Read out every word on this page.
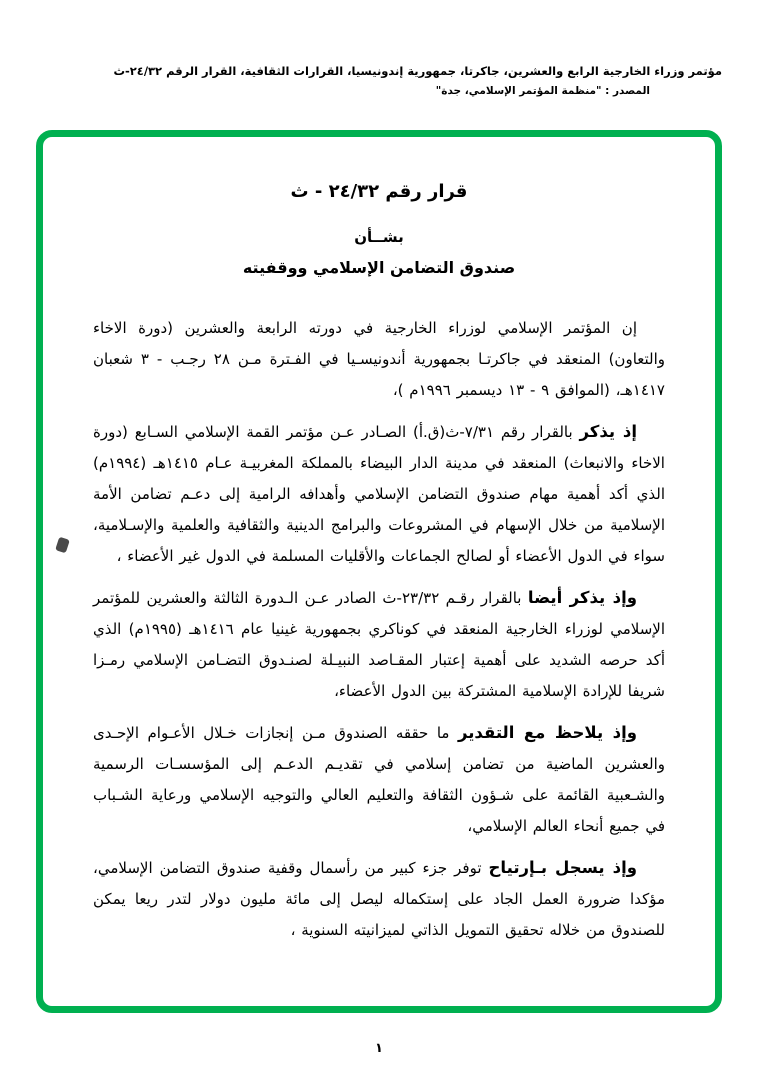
مؤتمر وزراء الخارجية الرابع والعشرين، جاكرتا، جمهورية إندونيسيا، القرارات الثقافية، القرار الرقم ٢٤/٣٢-ث
المصدر : "منظمة المؤتمر الإسلامي، جدة"
قرار رقم ٢٤/٣٢ - ث
بشــأن
صندوق التضامن الإسلامي ووقفيته

إن المؤتمر الإسلامي لوزراء الخارجية في دورته الرابعة والعشرين (دورة الاخاء والتعاون) المنعقد في جاكرتـا بجمهورية أندونيسـيا في الفـترة مـن ٢٨ رجـب - ٣ شعبان ١٤١٧هـ، (الموافق ٩ - ١٣ ديسمبر ١٩٩٦م )،

إذ يذكر بالقرار رقم ٧/٣١-ث(ق.أ) الصـادر عـن مؤتمر القمة الإسلامي السـابع (دورة الاخاء والانبعاث) المنعقد في مدينة الدار البيضاء بالمملكة المغربيـة عـام ١٤١٥هـ (١٩٩٤م) الذي أكد أهمية مهام صندوق التضامن الإسلامي وأهدافه الرامية إلى دعـم تضامن الأمة الإسلامية من خلال الإسهام في المشروعات والبرامج الدينية والثقافية والعلمية والإسـلامية، سواء في الدول الأعضاء أو لصالح الجماعات والأقليات المسلمة في الدول غير الأعضاء ،

وإذ يذكر أيضا بالقرار رقـم ٢٣/٣٢-ث الصادر عـن الـدورة الثالثة والعشرين للمؤتمر الإسلامي لوزراء الخارجية المنعقد في كوناكري بجمهورية غينيا عام ١٤١٦هـ (١٩٩٥م) الذي أكد حرصه الشديد على أهمية إعتبار المقـاصد النبيـلة لصنـدوق التضـامن الإسلامي رمـزا شريفا للإرادة الإسلامية المشتركة بين الدول الأعضاء،

وإذ يلاحظ مع التقدير ما حققه الصندوق مـن إنجازات خـلال الأعـوام الإحـدى والعشرين الماضية من تضامن إسلامي في تقديـم الدعـم إلى المؤسسـات الرسمية والشـعبية القائمة على شـؤون الثقافة والتعليم العالي والتوجيه الإسلامي ورعاية الشـباب في جميع أنحاء العالم الإسلامي،

وإذ يسجل بـإرتياح توفر جزء كبير من رأسمال وقفية صندوق التضامن الإسلامي، مؤكدا ضرورة العمل الجاد على إستكماله ليصل إلى مائة مليون دولار لتدر ريعا يمكن للصندوق من خلاله تحقيق التمويل الذاتي لميزانيته السنوية ،

١
